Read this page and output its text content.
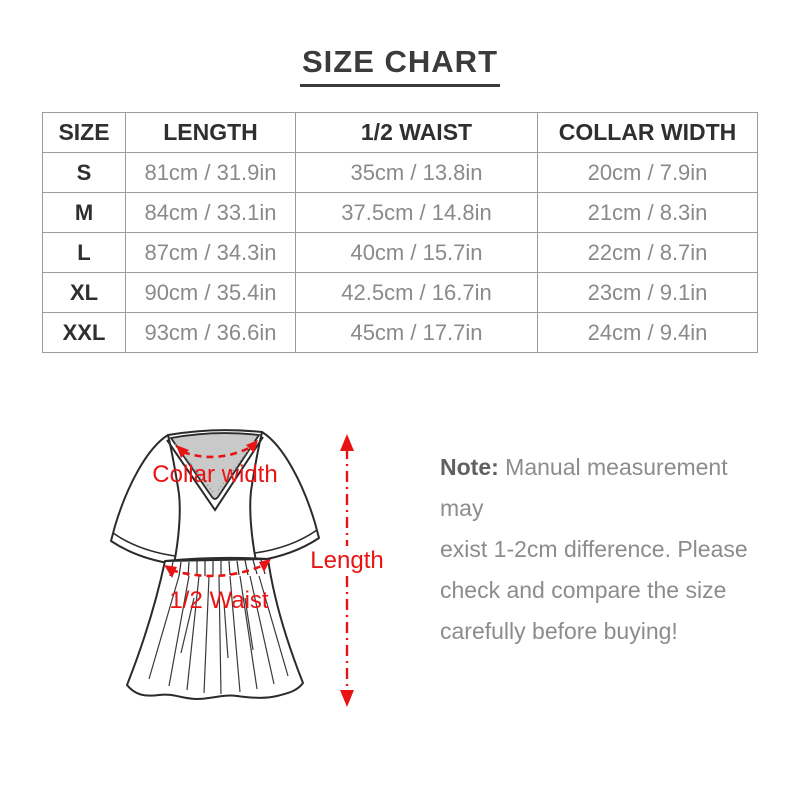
SIZE CHART
SIZE	LENGTH	1/2 WAIST	COLLAR WIDTH
S	81cm / 31.9in	35cm / 13.8in	20cm / 7.9in
M	84cm / 33.1in	37.5cm / 14.8in	21cm / 8.3in
L	87cm / 34.3in	40cm / 15.7in	22cm / 8.7in
XL	90cm / 35.4in	42.5cm / 16.7in	23cm / 9.1in
XXL	93cm / 36.6in	45cm / 17.7in	24cm / 9.4in
Collar width
1/2 Waist
Length
Note: Manual measurement may
exist 1-2cm difference. Please
check and compare the size
carefully before buying!
